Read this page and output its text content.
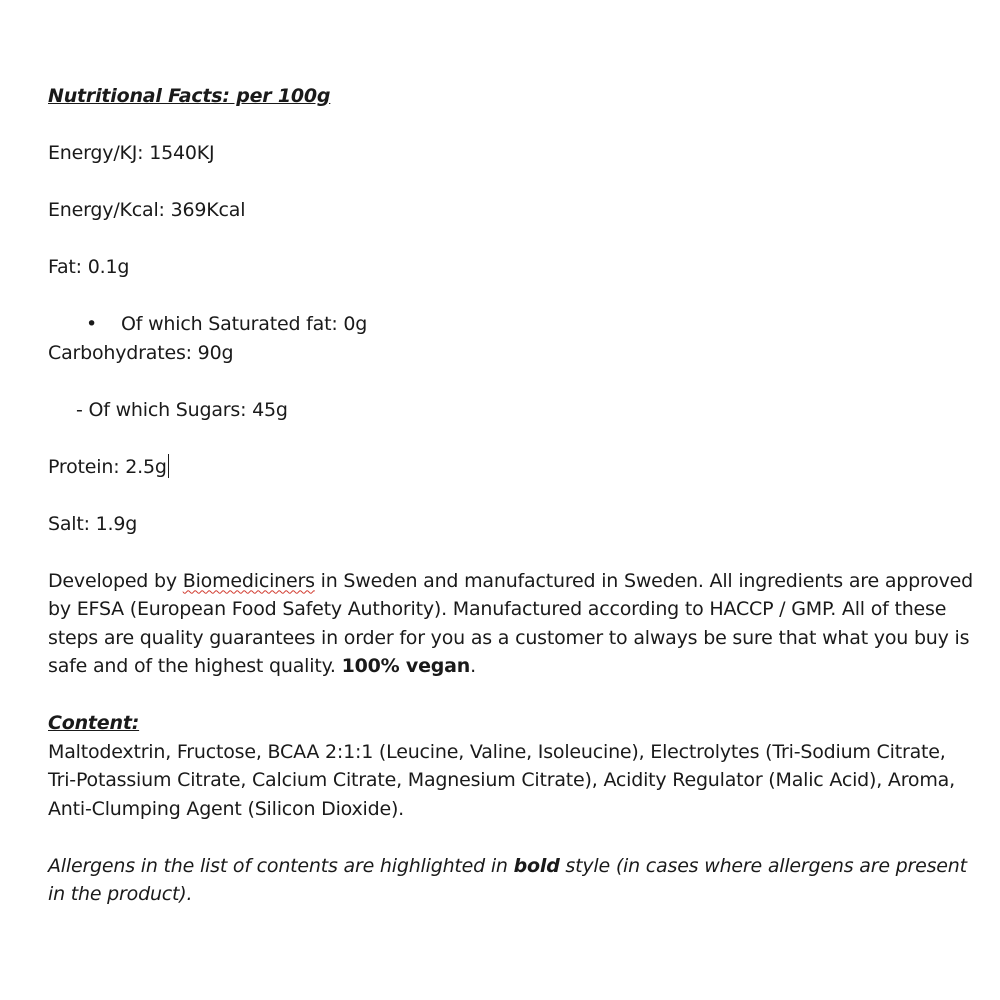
Nutritional Facts: per 100g

Energy/KJ: 1540KJ

Energy/Kcal: 369Kcal

Fat: 0.1g

• Of which Saturated fat: 0g

Carbohydrates: 90g

- Of which Sugars: 45g

Protein: 2.5g

Salt: 1.9g

Developed by Biomediciners in Sweden and manufactured in Sweden. All ingredients are approved by EFSA (European Food Safety Authority). Manufactured according to HACCP / GMP. All of these steps are quality guarantees in order for you as a customer to always be sure that what you buy is safe and of the highest quality. 100% vegan.

Content:

Maltodextrin, Fructose, BCAA 2:1:1 (Leucine, Valine, Isoleucine), Electrolytes (Tri-Sodium Citrate, Tri-Potassium Citrate, Calcium Citrate, Magnesium Citrate), Acidity Regulator (Malic Acid), Aroma, Anti-Clumping Agent (Silicon Dioxide).

Allergens in the list of contents are highlighted in bold style (in cases where allergens are present in the product).
